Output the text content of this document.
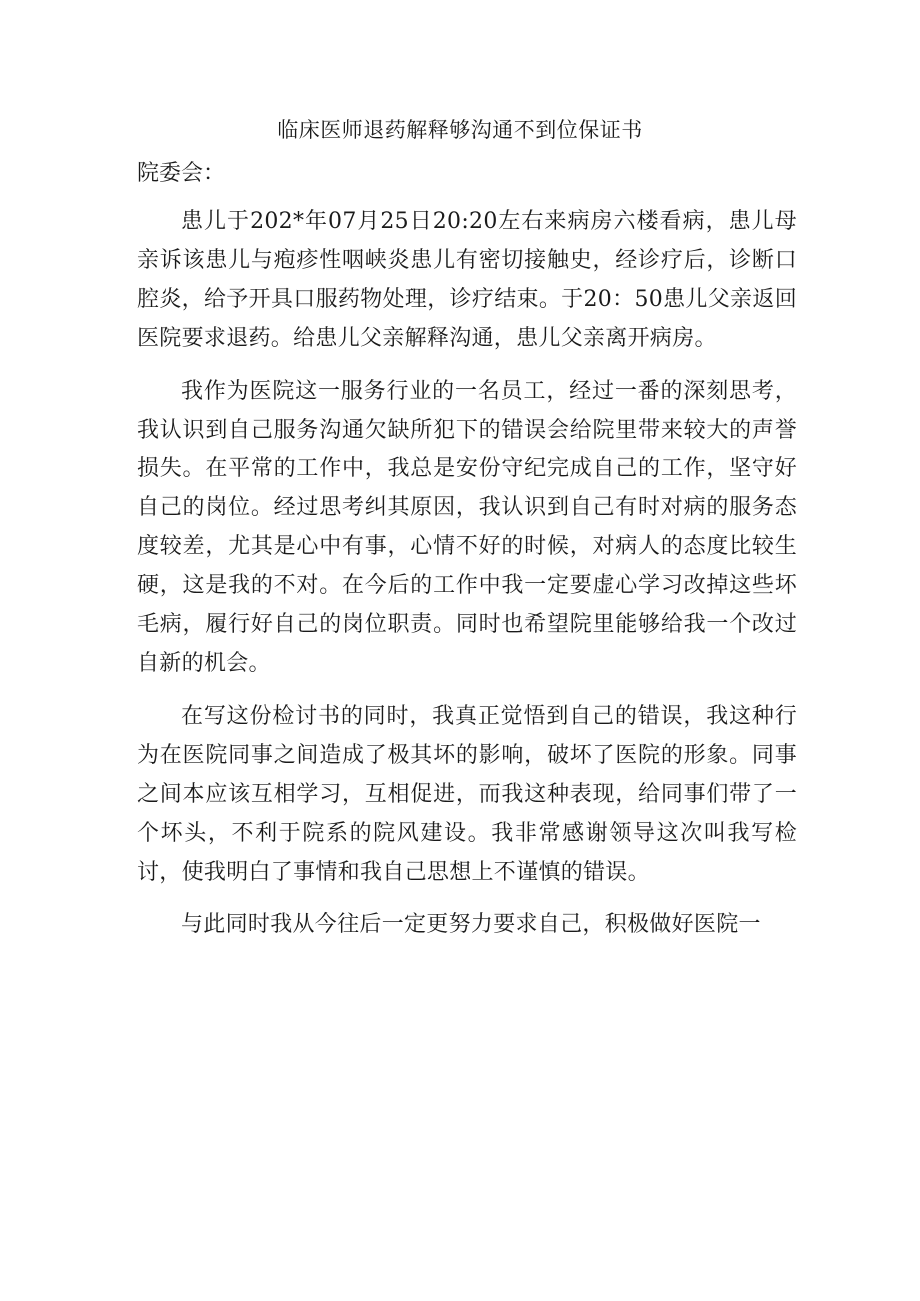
临床医师退药解释够沟通不到位保证书
院委会：

患儿于202*年07月25日20:20左右来病房六楼看病，患儿母亲诉该患儿与疱疹性咽峡炎患儿有密切接触史，经诊疗后，诊断口腔炎，给予开具口服药物处理，诊疗结束。于20：50患儿父亲返回医院要求退药。给患儿父亲解释沟通，患儿父亲离开病房。

我作为医院这一服务行业的一名员工，经过一番的深刻思考，我认识到自己服务沟通欠缺所犯下的错误会给院里带来较大的声誉损失。在平常的工作中，我总是安份守纪完成自己的工作，坚守好自己的岗位。经过思考纠其原因，我认识到自己有时对病的服务态度较差，尤其是心中有事，心情不好的时候，对病人的态度比较生硬，这是我的不对。在今后的工作中我一定要虚心学习改掉这些坏毛病，履行好自己的岗位职责。同时也希望院里能够给我一个改过自新的机会。

在写这份检讨书的同时，我真正觉悟到自己的错误，我这种行为在医院同事之间造成了极其坏的影响，破坏了医院的形象。同事之间本应该互相学习，互相促进，而我这种表现，给同事们带了一个坏头，不利于院系的院风建设。我非常感谢领导这次叫我写检讨，使我明白了事情和我自己思想上不谨慎的错误。

与此同时我从今往后一定更努力要求自己，积极做好医院一
